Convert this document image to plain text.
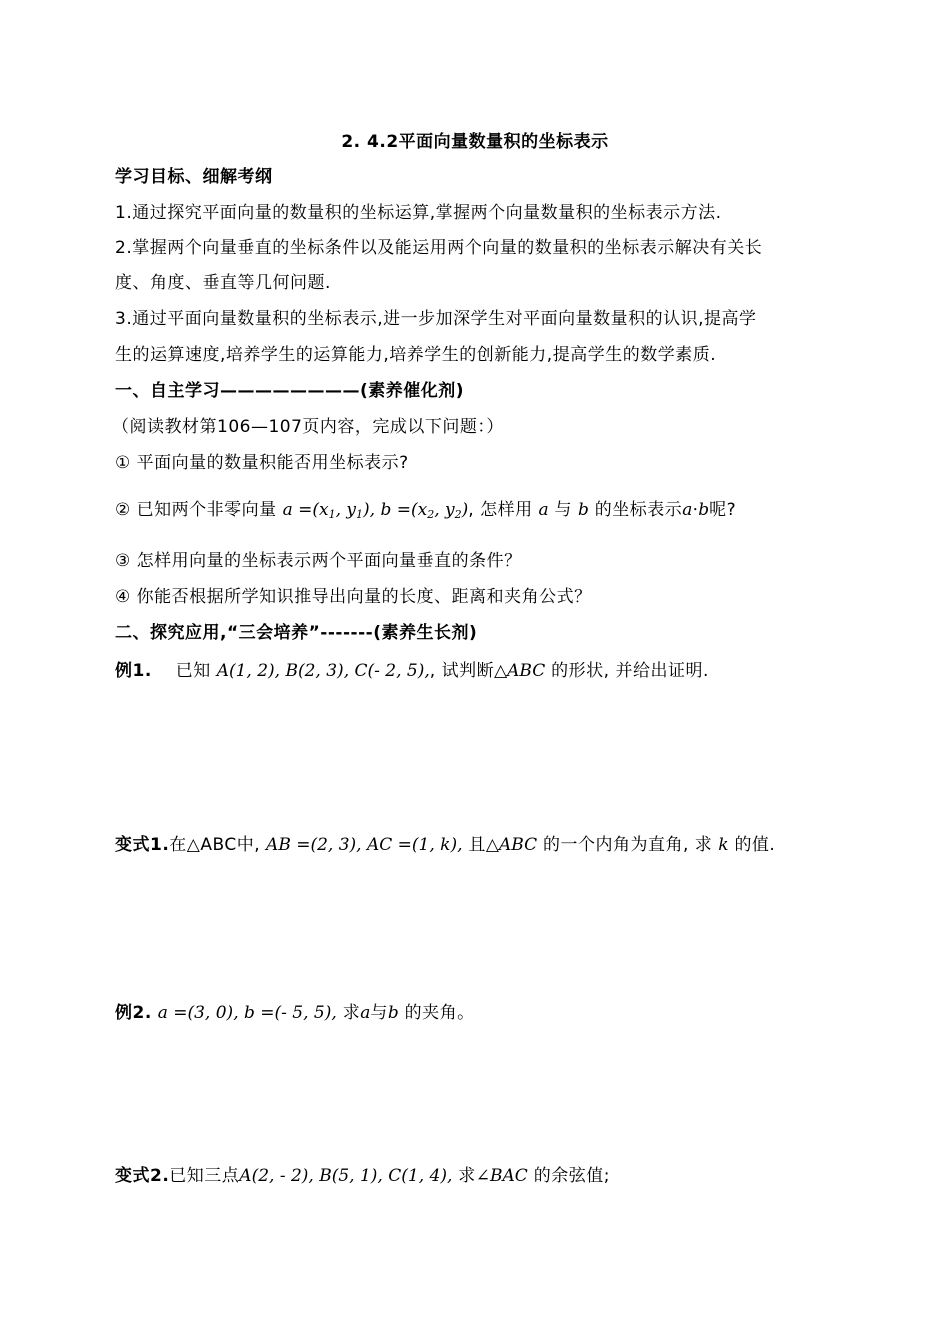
2. 4.2平面向量数量积的坐标表示
学习目标、细解考纲
1.通过探究平面向量的数量积的坐标运算,掌握两个向量数量积的坐标表示方法.
2.掌握两个向量垂直的坐标条件以及能运用两个向量的数量积的坐标表示解决有关长
度、角度、垂直等几何问题.
3.通过平面向量数量积的坐标表示,进一步加深学生对平面向量数量积的认识,提高学
生的运算速度,培养学生的运算能力,培养学生的创新能力,提高学生的数学素质.
一、自主学习————————(素养催化剂)
（阅读教材第106—107页内容，完成以下问题：）
① 平面向量的数量积能否用坐标表示?
② 已知两个非零向量 $a =(x_1$, $y_1$), $b =(x_2$, $y_2$), 怎样用 a 与 b 的坐标表示a⋅b呢?
③ 怎样用向量的坐标表示两个平面向量垂直的条件？
④ 你能否根据所学知识推导出向量的长度、距离和夹角公式？
二、探究应用,“三会培养”-------(素养生长剂)
例1. 已知 A(1, 2), B(2, 3), C(- 2, 5),, 试判断△ABC 的形状, 并给出证明.
变式1.在△ABC中, AB =(2, 3), AC =(1, k), 且△ABC 的一个内角为直角, 求 k 的值.
例2. a =(3, 0), b =(- 5, 5), 求a与b 的夹角。
变式2.已知三点A(2, - 2), B(5, 1), C(1, 4), 求∠BAC 的余弦值;
